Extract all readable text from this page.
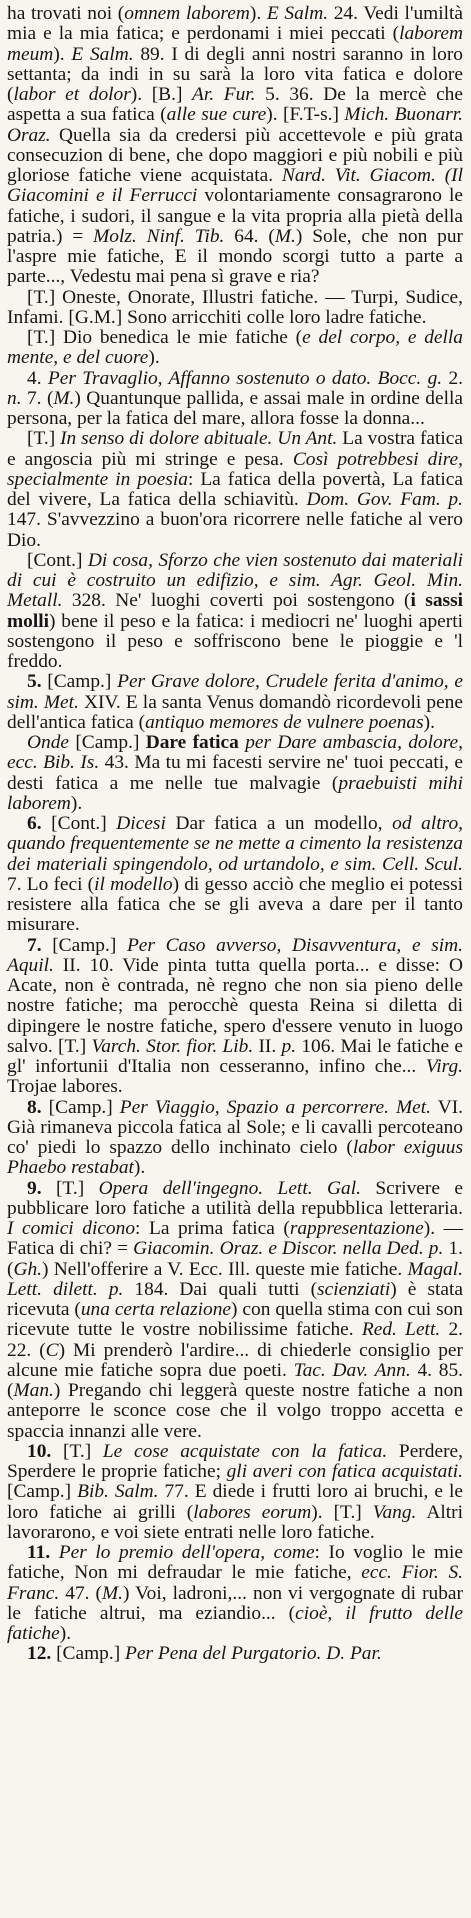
ha trovati noi (omnem laborem). E Salm. 24. Vedi l'umiltà mia e la mia fatica; e perdonami i miei peccati (laborem meum). E Salm. 89. I di degli anni nostri saranno in loro settanta; da indi in su sarà la loro vita fatica e dolore (labor et dolor). [B.] Ar. Fur. 5. 36. De la mercè che aspetta a sua fatica (alle sue cure). [F.T-s.] Mich. Buonarr. Oraz. Quella sia da credersi più accettevole e più grata consecuzion di bene, che dopo maggiori e più nobili e più gloriose fatiche viene acquistata. Nard. Vit. Giacom. (Il Giacomini e il Ferrucci volontariamente consagrarono le fatiche, i sudori, il sangue e la vita propria alla pietà della patria.) = Molz. Ninf. Tib. 64. (M.) Sole, che non pur l'aspre mie fatiche, E il mondo scorgi tutto a parte a parte..., Vedestu mai pena sì grave e ria?

[T.] Oneste, Onorate, Illustri fatiche. — Turpi, Sudice, Infami. [G.M.] Sono arricchiti colle loro ladre fatiche.

[T.] Dio benedica le mie fatiche (e del corpo, e della mente, e del cuore).

4. Per Travaglio, Affanno sostenuto o dato. Bocc. g. 2. n. 7. (M.) Quantunque pallida, e assai male in ordine della persona, per la fatica del mare, allora fosse la donna...

[T.] In senso di dolore abituale. Un Ant. La vostra fatica e angoscia più mi stringe e pesa. Così potrebbesi dire, specialmente in poesia: La fatica della povertà, La fatica del vivere, La fatica della schiavitù. Dom. Gov. Fam. p. 147. S'avvezzino a buon'ora ricorrere nelle fatiche al vero Dio.

[Cont.] Di cosa, Sforzo che vien sostenuto dai materiali di cui è costruito un edifizio, e sim. Agr. Geol. Min. Metall. 328. Ne' luoghi coverti poi sostengono (i sassi molli) bene il peso e la fatica: i mediocri ne' luoghi aperti sostengono il peso e soffriscono bene le pioggie e 'l freddo.

5. [Camp.] Per Grave dolore, Crudele ferita d'animo, e sim. Met. XIV. E la santa Venus domandò ricordevoli pene dell'antica fatica (antiquo memores de vulnere poenas).

Onde [Camp.] Dare fatica per Dare ambascia, dolore, ecc. Bib. Is. 43. Ma tu mi facesti servire ne' tuoi peccati, e desti fatica a me nelle tue malvagie (praebuisti mihi laborem).

6. [Cont.] Dicesi Dar fatica a un modello, od altro, quando frequentemente se ne mette a cimento la resistenza dei materiali spingendolo, od urtandolo, e sim. Cell. Scul. 7. Lo feci (il modello) di gesso acciò che meglio ei potessi resistere alla fatica che se gli aveva a dare per il tanto misurare.

7. [Camp.] Per Caso avverso, Disavventura, e sim. Aquil. II. 10. Vide pinta tutta quella porta... e disse: O Acate, non è contrada, nè regno che non sia pieno delle nostre fatiche; ma perocchè questa Reina si diletta di dipingere le nostre fatiche, spero d'essere venuto in luogo salvo. [T.] Varch. Stor. fior. Lib. II. p. 106. Mai le fatiche e gl' infortunii d'Italia non cesseranno, infino che... Virg. Trojae labores.

8. [Camp.] Per Viaggio, Spazio a percorrere. Met. VI. Già rimaneva piccola fatica al Sole; e li cavalli percoteano co' piedi lo spazzo dello inchinato cielo (labor exiguus Phaebo restabat).

9. [T.] Opera dell'ingegno. Lett. Gal. Scrivere e pubblicare loro fatiche a utilità della repubblica letteraria. I comici dicono: La prima fatica (rappresentazione). — Fatica di chi? = Giacomin. Oraz. e Discor. nella Ded. p. 1. (Gh.) Nell'offerire a V. Ecc. Ill. queste mie fatiche. Magal. Lett. dilett. p. 184. Dai quali tutti (scienziati) è stata ricevuta (una certa relazione) con quella stima con cui son ricevute tutte le vostre nobilissime fatiche. Red. Lett. 2. 22. (C) Mi prenderò l'ardire... di chiederle consiglio per alcune mie fatiche sopra due poeti. Tac. Dav. Ann. 4. 85. (Man.) Pregando chi leggerà queste nostre fatiche a non anteporre le sconce cose che il volgo troppo accetta e spaccia innanzi alle vere.

10. [T.] Le cose acquistate con la fatica. Perdere, Sperdere le proprie fatiche; gli averi con fatica acquistati. [Camp.] Bib. Salm. 77. E diede i frutti loro ai bruchi, e le loro fatiche ai grilli (labores eorum). [T.] Vang. Altri lavorarono, e voi siete entrati nelle loro fatiche.

11. Per lo premio dell'opera, come: Io voglio le mie fatiche, Non mi defraudar le mie fatiche, ecc. Fior. S. Franc. 47. (M.) Voi, ladroni,... non vi vergognate di rubar le fatiche altrui, ma eziandio... (cioè, il frutto delle fatiche).

12. [Camp.] Per Pena del Purgatorio. D. Par.
